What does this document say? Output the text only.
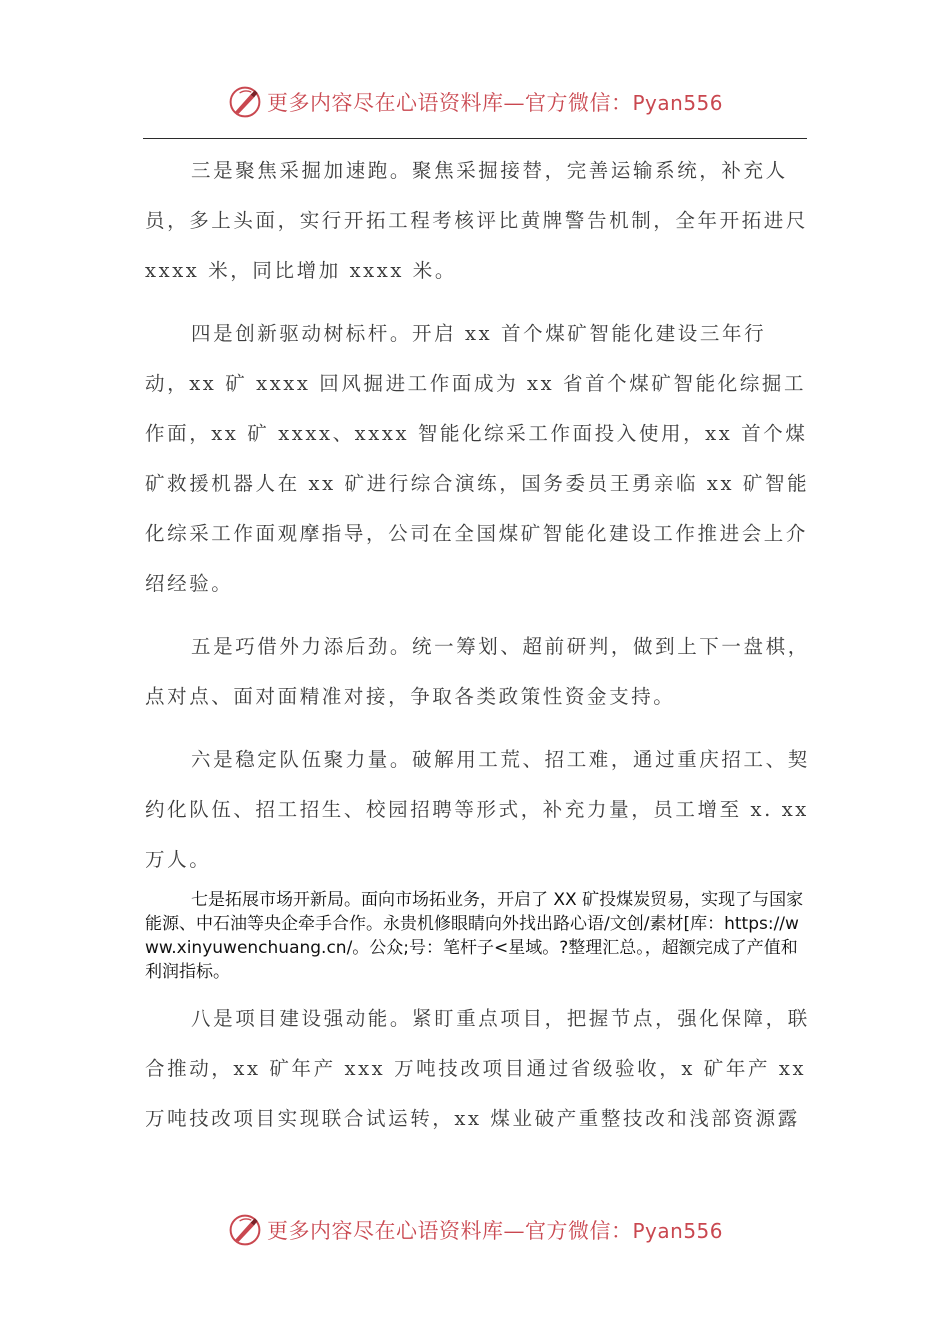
更多内容尽在心语资料库—官方微信：Pyan556

三是聚焦采掘加速跑。聚焦采掘接替，完善运输系统，补充人员，多上头面，实行开拓工程考核评比黄牌警告机制，全年开拓进尺 xxxx 米，同比增加 xxxx 米。

四是创新驱动树标杆。开启 xx 首个煤矿智能化建设三年行动，xx 矿 xxxx 回风掘进工作面成为 xx 省首个煤矿智能化综掘工作面，xx 矿 xxxx、xxxx 智能化综采工作面投入使用，xx 首个煤矿救援机器人在 xx 矿进行综合演练，国务委员王勇亲临 xx 矿智能化综采工作面观摩指导，公司在全国煤矿智能化建设工作推进会上介绍经验。

五是巧借外力添后劲。统一筹划、超前研判，做到上下一盘棋，点对点、面对面精准对接，争取各类政策性资金支持。

六是稳定队伍聚力量。破解用工荒、招工难，通过重庆招工、契约化队伍、招工招生、校园招聘等形式，补充力量，员工增至 x. xx 万人。

七是拓展市场开新局。面向市场拓业务，开启了 XX 矿投煤炭贸易，实现了与国家能源、中石油等央企牵手合作。永贵机修眼睛向外找出路心语/文创/素材[库：https://www.xinyuwenchuang.cn/。公众;号：笔杆子<星域。?整理汇总。，超额完成了产值和利润指标。

八是项目建设强动能。紧盯重点项目，把握节点，强化保障，联合推动，xx 矿年产 xxx 万吨技改项目通过省级验收，x 矿年产 xx 万吨技改项目实现联合试运转，xx 煤业破产重整技改和浅部资源露

更多内容尽在心语资料库—官方微信：Pyan556
